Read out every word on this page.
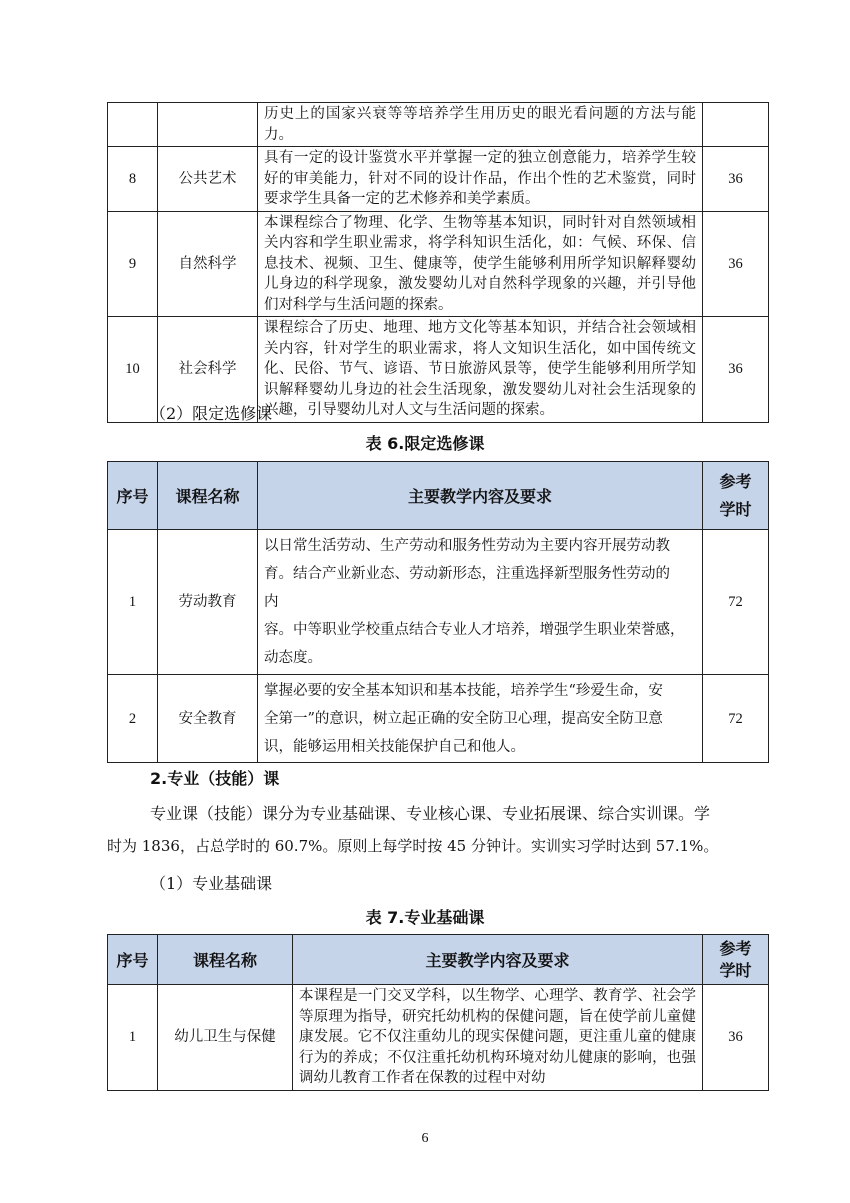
		历史上的国家兴衰等等培养学生用历史的眼光看问题的方法与能力。	
8	公共艺术	具有一定的设计鉴赏水平并掌握一定的独立创意能力，培养学生较好的审美能力，针对不同的设计作品，作出个性的艺术鉴赏，同时要求学生具备一定的艺术修养和美学素质。	36
9	自然科学	本课程综合了物理、化学、生物等基本知识，同时针对自然领域相关内容和学生职业需求，将学科知识生活化，如：气候、环保、信息技术、视频、卫生、健康等，使学生能够利用所学知识解释婴幼儿身边的科学现象，激发婴幼儿对自然科学现象的兴趣，并引导他们对科学与生活问题的探索。	36
10	社会科学	课程综合了历史、地理、地方文化等基本知识，并结合社会领域相关内容，针对学生的职业需求，将人文知识生活化，如中国传统文化、民俗、节气、谚语、节日旅游风景等，使学生能够利用所学知识解释婴幼儿身边的社会生活现象，激发婴幼儿对社会生活现象的兴趣，引导婴幼儿对人文与生活问题的探索。	36
（2）限定选修课
表 6.限定选修课
序号	课程名称	主要教学内容及要求	参考
学时

1	劳动教育	以日常生活劳动、生产劳动和服务性劳动为主要内容开展劳动教
育。结合产业新业态、劳动新形态，注重选择新型服务性劳动的
内
容。中等职业学校重点结合专业人才培养，增强学生职业荣誉感，
动态度。	72
2	安全教育	掌握必要的安全基本知识和基本技能，培养学生“珍爱生命，安
全第一”的意识，树立起正确的安全防卫心理，提高安全防卫意
识，能够运用相关技能保护自己和他人。	72
2.专业（技能）课
专业课（技能）课分为专业基础课、专业核心课、专业拓展课、综合实训课。学
时为 1836，占总学时的 60.7%。原则上每学时按 45 分钟计。实训实习学时达到 57.1%。
（1）专业基础课
表 7.专业基础课
序号	课程名称	主要教学内容及要求	参考
学时

1	幼儿卫生与保健	本课程是一门交叉学科，以生物学、心理学、教育学、社会学等原理为指导，研究托幼机构的保健问题，旨在使学前儿童健康发展。它不仅注重幼儿的现实保健问题，更注重儿童的健康行为的养成；不仅注重托幼机构环境对幼儿健康的影响，也强调幼儿教育工作者在保教的过程中对幼	36
6
